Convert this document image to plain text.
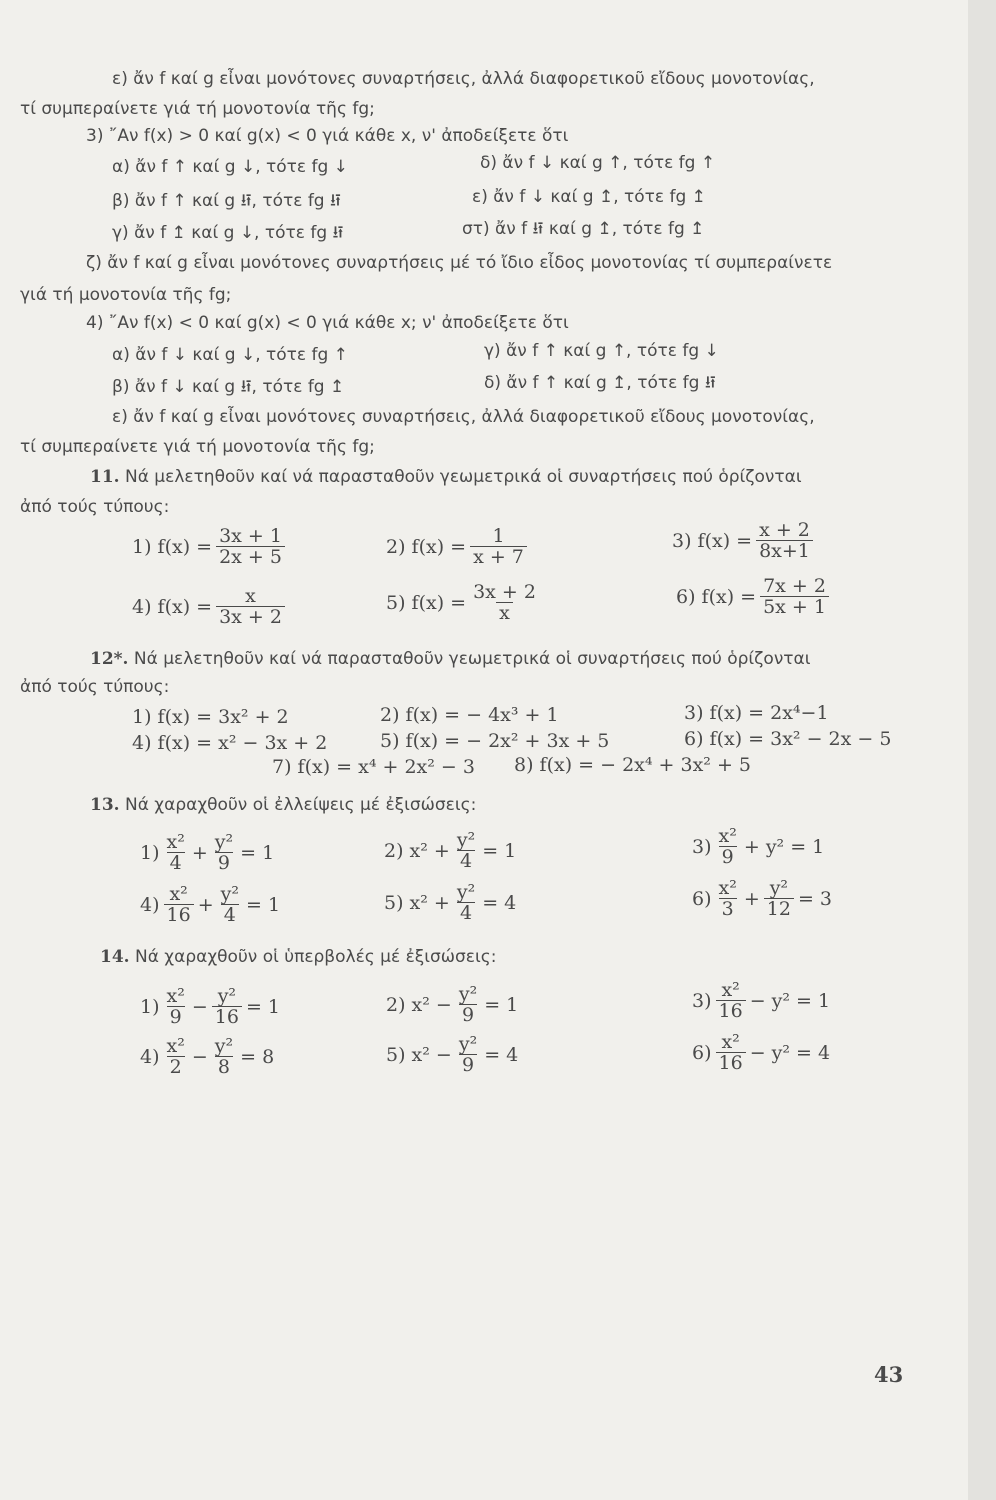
ε) ἄν f καί g εἶναι μονότονες συναρτήσεις, ἀλλά διαφορετικοῦ εἴδους μονοτονίας,
τί συμπεραίνετε γιά τή μονοτονία τῆς fg;
3) ῎Αν f(x) > 0 καί g(x) < 0 γιά κάθε x, ν' ἀποδείξετε ὅτι
α) ἄν f ↑ καί g ↓, τότε fg ↓	δ) ἄν f ↓ καί g ↑, τότε fg ↑
β) ἄν f ↑ καί g ⭿, τότε fg ⭿	ε) ἄν f ↓ καί g ↥, τότε fg ↥
γ) ἄν f ↥ καί g ↓, τότε fg ⭿	στ) ἄν f ⭿ καί g ↥, τότε fg ↥
ζ) ἄν f καί g εἶναι μονότονες συναρτήσεις μέ τό ἴδιο εἶδος μονοτονίας τί συμπεραίνετε
γιά τή μονοτονία τῆς fg;
4) ῎Αν f(x) < 0 καί g(x) < 0 γιά κάθε x; ν' ἀποδείξετε ὅτι
α) ἄν f ↓ καί g ↓, τότε fg ↑	γ) ἄν f ↑ καί g ↑, τότε fg ↓
β) ἄν f ↓ καί g ⭿, τότε fg ↥	δ) ἄν f ↑ καί g ↥, τότε fg ⭿
ε) ἄν f καί g εἶναι μονότονες συναρτήσεις, ἀλλά διαφορετικοῦ εἴδους μονοτονίας,
τί συμπεραίνετε γιά τή μονοτονία τῆς fg;
11. Νά μελετηθοῦν καί νά παρασταθοῦν γεωμετρικά οἱ συναρτήσεις πού ὁρίζονται
ἀπό τούς τύπους:
1) $f(x) = \frac{3x + 1}{2x + 5}$	2) $f(x) = \frac{1}{x + 7}$	3) $f(x) = \frac{x + 2}{8x+1}$
4) $f(x) = \frac{x}{3x + 2}$	5) $f(x) = \frac{3x + 2}{x}$	6) $f(x) = \frac{7x + 2}{5x + 1}$
12*. Νά μελετηθοῦν καί νά παρασταθοῦν γεωμετρικά οἱ συναρτήσεις πού ὁρίζονται
ἀπό τούς τύπους:
1) f(x) = 3x² + 2	2) f(x) = − 4x³ + 1	3) f(x) = 2x⁴−1
4) f(x) = x² − 3x + 2	5) f(x) = − 2x² + 3x + 5	6) f(x) = 3x² − 2x − 5
7) f(x) = x⁴ + 2x² − 3 8) f(x) = − 2x⁴ + 3x² + 5
13. Νά χαραχθοῦν οἱ ἐλλείψεις μέ ἐξισώσεις:
$1) \frac{\text{x²}}{4} + \frac{\text{y²}}{9} = 1$	2) $x^2 + \frac{\text{y²}}{4} = 1$	$3) \frac{\text{x²}}{9} + y^2 = 1$
$4) \frac{\text{x²}}{16} + \frac{\text{y²}}{4} = 1$	5) $x^2 + \frac{\text{y²}}{4} = 4$	$6) \frac{\text{x²}}{3} + \frac{\text{y²}}{12} = 3$
14. Νά χαραχθοῦν οἱ ὑπερβολές μέ ἐξισώσεις:
$1) \frac{\text{x²}}{9} - \frac{\text{y²}}{16} = 1$	2) $x^2 - \frac{\text{y²}}{9} = 1$	$3) \frac{\text{x²}}{16} - y^2 = 1$
$4) \frac{\text{x²}}{2} - \frac{\text{y²}}{8} = 8$	5) $x^2 - \frac{\text{y²}}{9} = 4$	$6) \frac{\text{x²}}{16} - y^2 = 4$
43
